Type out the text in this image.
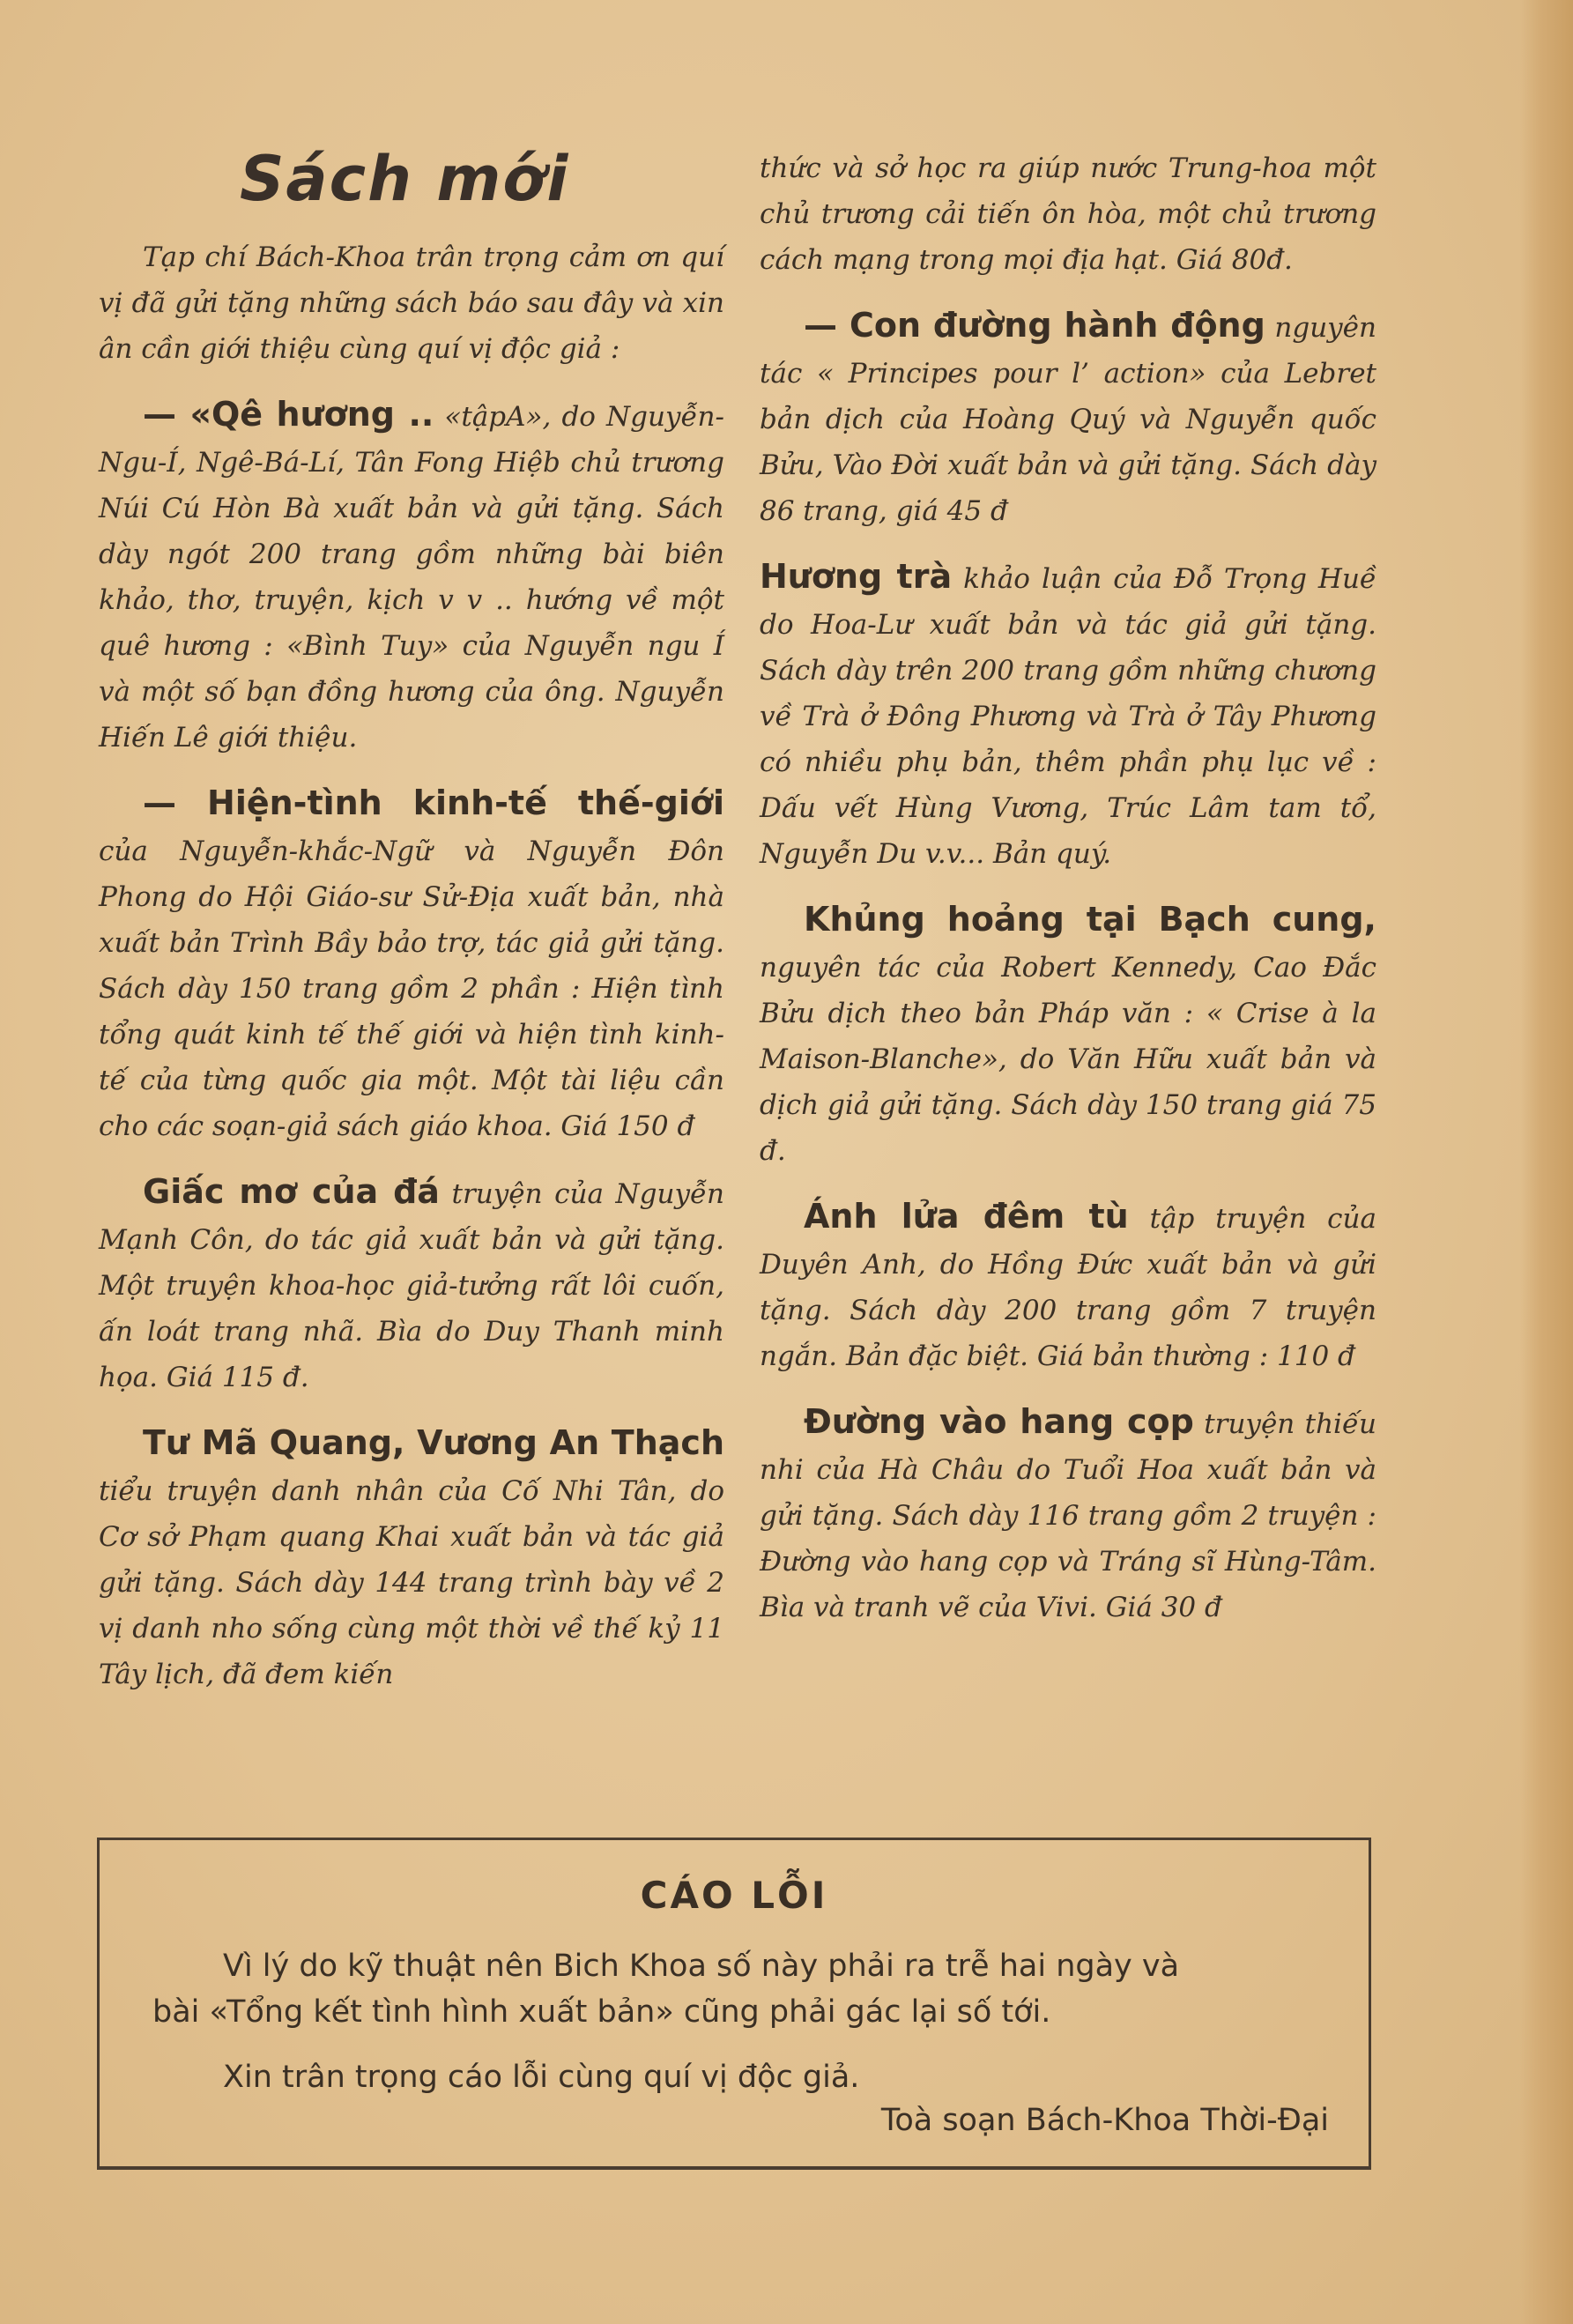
Sách mới

Tạp chí Bách-Khoa trân trọng cảm ơn quí vị đã gửi tặng những sách báo sau đây và xin ân cần giới thiệu cùng quí vị độc giả :

— «Qê hương .. «tậpA», do Nguyễn-Ngu-Í, Ngê-Bá-Lí, Tân Fong Hiệb chủ trương Núi Cú Hòn Bà xuất bản và gửi tặng. Sách dày ngót 200 trang gồm những bài biên khảo, thơ, truyện, kịch v v .. hướng về một quê hương : «Bình Tuy» của Nguyễn ngu Í và một số bạn đồng hương của ông. Nguyễn Hiến Lê giới thiệu.

— Hiện-tình kinh-tế thế-giới của Nguyễn-khắc-Ngữ và Nguyễn Đôn Phong do Hội Giáo-sư Sử-Địa xuất bản, nhà xuất bản Trình Bầy bảo trợ, tác giả gửi tặng. Sách dày 150 trang gồm 2 phần : Hiện tình tổng quát kinh tế thế giới và hiện tình kinh-tế của từng quốc gia một. Một tài liệu cần cho các soạn-giả sách giáo khoa. Giá 150 đ

Giấc mơ của đá truyện của Nguyễn Mạnh Côn, do tác giả xuất bản và gửi tặng. Một truyện khoa-học giả-tưởng rất lôi cuốn, ấn loát trang nhã. Bìa do Duy Thanh minh họa. Giá 115 đ.

Tư Mã Quang, Vương An Thạch tiểu truyện danh nhân của Cố Nhi Tân, do Cơ sở Phạm quang Khai xuất bản và tác giả gửi tặng. Sách dày 144 trang trình bày về 2 vị danh nho sống cùng một thời về thế kỷ 11 Tây lịch, đã đem kiến

thức và sở học ra giúp nước Trung-hoa một chủ trương cải tiến ôn hòa, một chủ trương cách mạng trong mọi địa hạt. Giá 80đ.

— Con đường hành động nguyên tác « Principes pour l’ action» của Lebret bản dịch của Hoàng Quý và Nguyễn quốc Bửu, Vào Đời xuất bản và gửi tặng. Sách dày 86 trang, giá 45 đ

Hương trà khảo luận của Đỗ Trọng Huề do Hoa-Lư xuất bản và tác giả gửi tặng. Sách dày trên 200 trang gồm những chương về Trà ở Đông Phương và Trà ở Tây Phương có nhiều phụ bản, thêm phần phụ lục về : Dấu vết Hùng Vương, Trúc Lâm tam tổ, Nguyễn Du v.v... Bản quý.

Khủng hoảng tại Bạch cung, nguyên tác của Robert Kennedy, Cao Đắc Bửu dịch theo bản Pháp văn : « Crise à la Maison-Blanche», do Văn Hữu xuất bản và dịch giả gửi tặng. Sách dày 150 trang giá 75 đ.

Ánh lửa đêm tù tập truyện của Duyên Anh, do Hồng Đức xuất bản và gửi tặng. Sách dày 200 trang gồm 7 truyện ngắn. Bản đặc biệt. Giá bản thường : 110 đ

Đường vào hang cọp truyện thiếu nhi của Hà Châu do Tuổi Hoa xuất bản và gửi tặng. Sách dày 116 trang gồm 2 truyện : Đường vào hang cọp và Tráng sĩ Hùng-Tâm. Bìa và tranh vẽ của Vivi. Giá 30 đ

CÁO LỖI
Vì lý do kỹ thuật nên Bich Khoa số này phải ra trễ hai ngày và
bài «Tổng kết tình hình xuất bản» cũng phải gác lại số tới.
Xin trân trọng cáo lỗi cùng quí vị độc giả.
Toà soạn Bách-Khoa Thời-Đại
